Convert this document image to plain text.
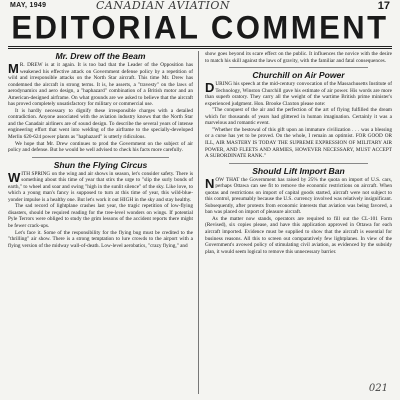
MAY, 1949	CANADIAN AVIATION	17
EDITORIAL COMMENT
Mr. Drew off the Beam

M R. DREW is at it again. It is too bad that the Leader of the Opposition has weakened his effective attack on Government defense policy by a repetition of wild and irresponsible attacks on the North Star aircraft. This time Mr. Drew has condemned the aircraft in strong terms. It is, he asserts, a "travesty" on the laws of aerodynamics and aero design, a "haphazard" combination of a British motor and an American-designed airframe. On what grounds are we asked to believe that the aircraft has proved completely unsatisfactory for military or commercial use.

It is hardly necessary to dignify these irresponsible charges with a detailed contradiction. Anyone associated with the aviation industry knows that the North Star and the Canadair airliners are of sound design. To describe the several years of intense engineering effort that went into welding of the airframe to the specially-developed Merlin 620-624 power plants as "haphazard" is utterly ridiculous.

We hope that Mr. Drew continues to prod the Government on the subject of air policy and defense. But he would be well advised to check his facts more carefully.

Shun the Flying Circus

WITH SPRING on the wing and air shows in season, let's consider safety. There is something about this time of year that stirs the urge to "slip the surly bonds of earth," to wheel and soar and swing "high in the sunlit silence" of the sky. Like love, to which a young man's fancy is supposed to turn at this time of year, this wild-blue-yonder impulse is a healthy one. But let's work it out HIGH in the sky and stay healthy.

The sad record of lightplane crashes last year, the tragic repetition of low-flying disasters, should be required reading for the tree-level wonders on wings. If potential Pyle Terrors were obliged to study the grim lessons of the accident reports there might be fewer crack-ups.

Let's face it. Some of the responsibility for the flying bug must be credited to the "thrilling" air show. There is a strong temptation to lure crowds to the airport with a flying version of the midway wall-of-death. Low-level aerobatics, "crazy flying," and

show goes beyond its scare effect on the public. It influences the novice with the desire to match his skill against the laws of gravity, with the familiar and fatal consequences.

Churchill on Air Power

DURING his speech at the mid-century convocation of the Massachusetts Institute of Technology, Winston Churchill gave his estimate of air power. His words are more than superb oratory. They carry all the weight of the wartime British prime minister's experienced judgment. Hon. Brooke Claxton please note:

"The conquest of the air and the perfection of the art of flying fulfilled the dream which for thousands of years had glittered in human imagination. Certainly it was a marvelous and romantic event.

"Whether the bestowal of this gift upon an immature civilization . . . was a blessing or a curse has yet to be proved. On the whole, I remain an optimist. FOR GOOD OR ILL, AIR MASTERY IS TODAY THE SUPREME EXPRESSION OF MILITARY AIR POWER, AND FLEETS AND ARMIES, HOWEVER NECESSARY, MUST ACCEPT A SUBORDINATE RANK."

Should Lift Import Ban

NOW THAT the Government has raised by 25% the quota on import of U.S. cars, perhaps Ottawa can see fit to remove the economic restrictions on aircraft. When quotas and restrictions on import of capital goods started, aircraft were not subject to this control, presumably because the U.S. currency involved was relatively insignificant. Subsequently, after protests from economic interests that aviation was being favored, a ban was placed on import of pleasure aircraft.

As the matter now stands, operators are required to fill out the CL-101 Form (Revised), six copies please, and have this application approved in Ottawa for each aircraft imported. Evidence must be supplied to show that the aircraft is essential for business reasons. All this to screen out comparatively few lightplanes. In view of the Government's avowed policy of stimulating civil aviation, as evidenced by the subsidy plan, it would seem logical to remove this unnecessary barrier.

021
